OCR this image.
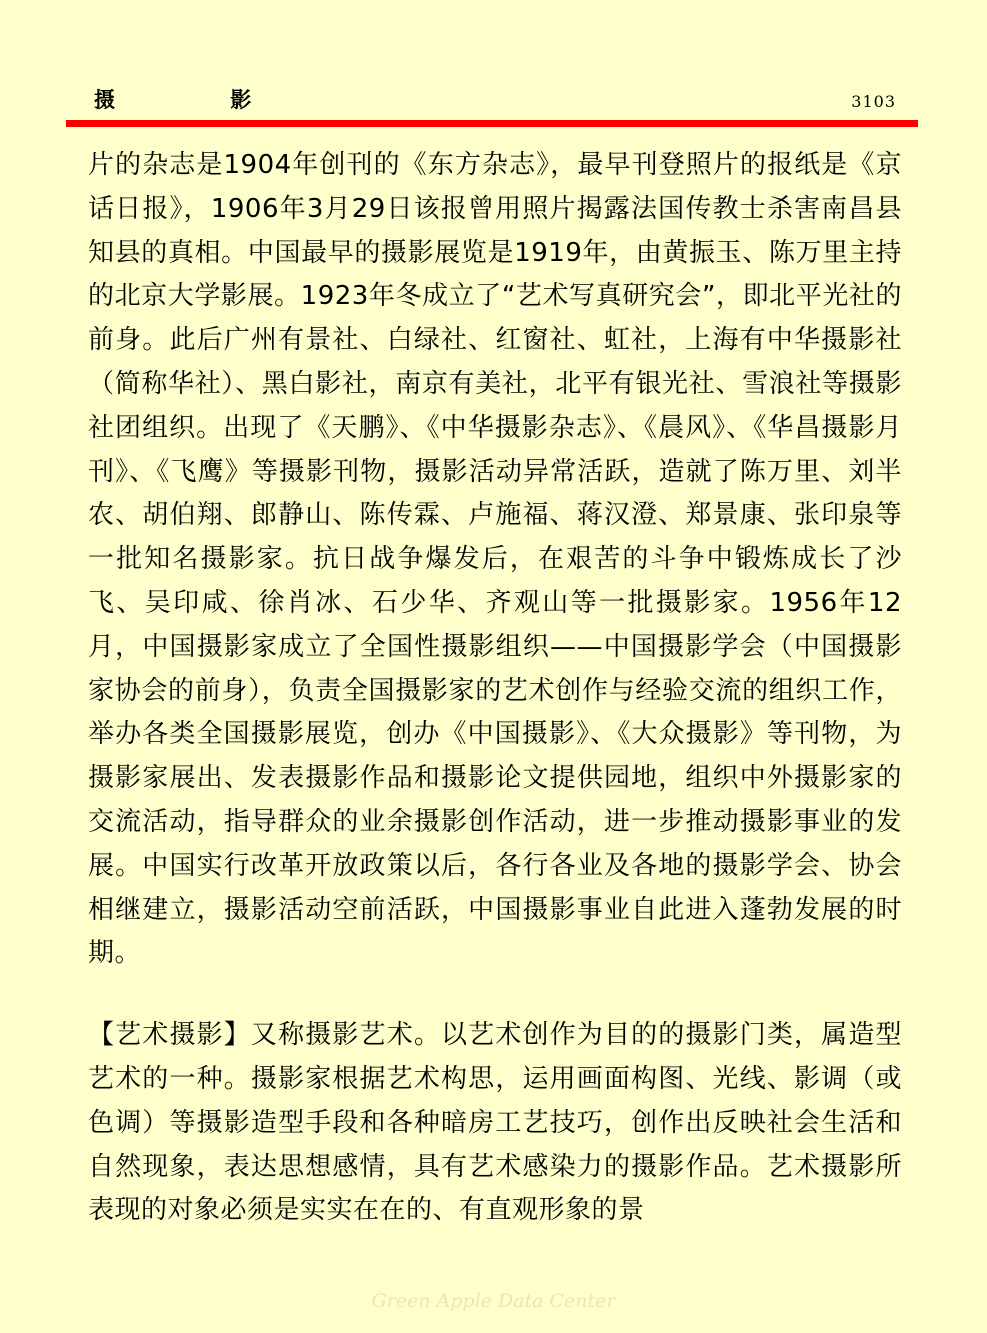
摄 影	3103

片的杂志是1904年创刊的《东方杂志》，最早刊登照片的报纸是《京话日报》，1906年3月29日该报曾用照片揭露法国传教士杀害南昌县知县的真相。中国最早的摄影展览是1919年，由黄振玉、陈万里主持的北京大学影展。1923年冬成立了“艺术写真研究会”，即北平光社的前身。此后广州有景社、白绿社、红窗社、虹社，上海有中华摄影社（简称华社）、黑白影社，南京有美社，北平有银光社、雪浪社等摄影社团组织。出现了《天鹏》、《中华摄影杂志》、《晨风》、《华昌摄影月刊》、《飞鹰》等摄影刊物，摄影活动异常活跃，造就了陈万里、刘半农、胡伯翔、郎静山、陈传霖、卢施福、蒋汉澄、郑景康、张印泉等一批知名摄影家。抗日战争爆发后，在艰苦的斗争中锻炼成长了沙飞、吴印咸、徐肖冰、石少华、齐观山等一批摄影家。1956年12月，中国摄影家成立了全国性摄影组织——中国摄影学会（中国摄影家协会的前身），负责全国摄影家的艺术创作与经验交流的组织工作，举办各类全国摄影展览，创办《中国摄影》、《大众摄影》等刊物，为摄影家展出、发表摄影作品和摄影论文提供园地，组织中外摄影家的交流活动，指导群众的业余摄影创作活动，进一步推动摄影事业的发展。中国实行改革开放政策以后，各行各业及各地的摄影学会、协会相继建立，摄影活动空前活跃，中国摄影事业自此进入蓬勃发展的时期。

【艺术摄影】又称摄影艺术。以艺术创作为目的的摄影门类，属造型艺术的一种。摄影家根据艺术构思，运用画面构图、光线、影调（或色调）等摄影造型手段和各种暗房工艺技巧，创作出反映社会生活和自然现象，表达思想感情，具有艺术感染力的摄影作品。艺术摄影所表现的对象必须是实实在在的、有直观形象的景

Green Apple Data Center
